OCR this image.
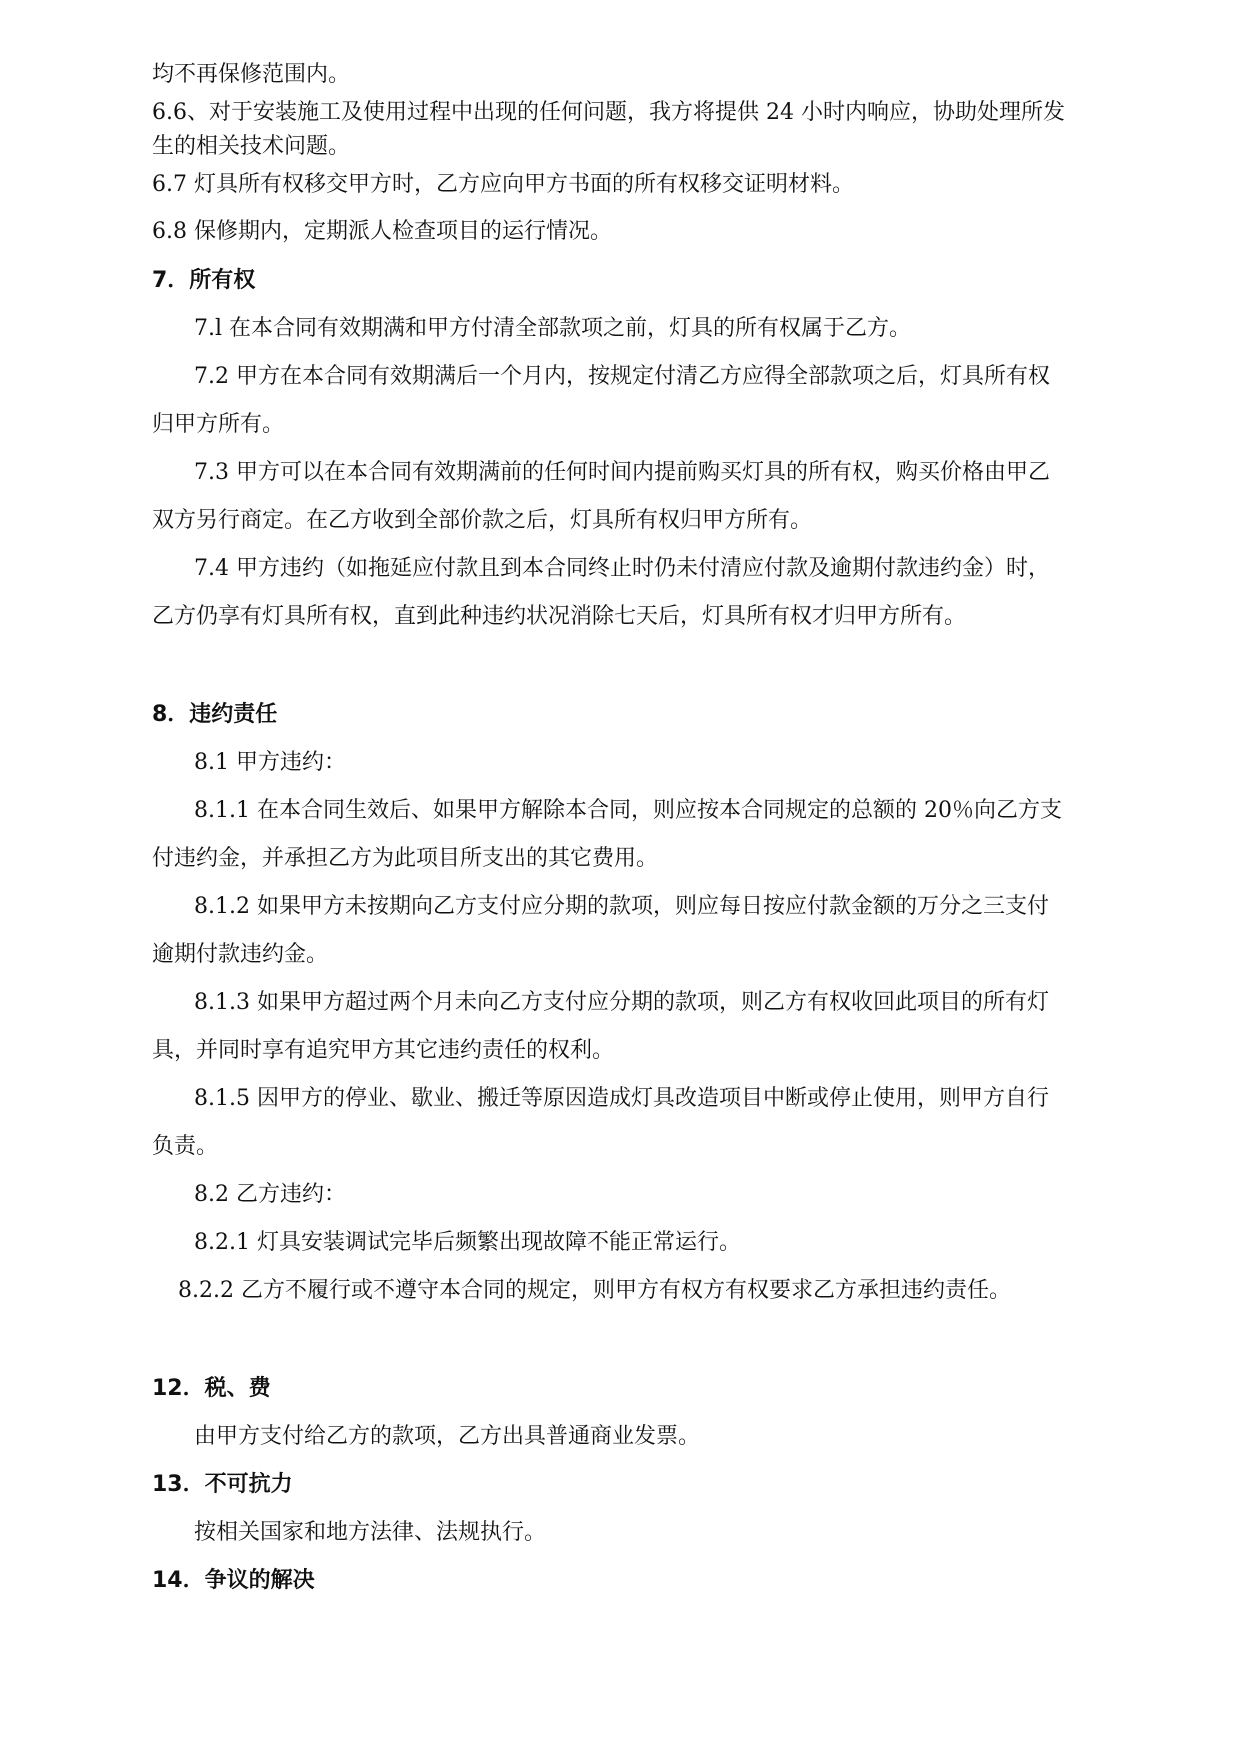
均不再保修范围内。
6.6、对于安装施工及使用过程中出现的任何问题，我方将提供 24 小时内响应，协助处理所发
生的相关技术问题。
6.7 灯具所有权移交甲方时，乙方应向甲方书面的所有权移交证明材料。
6.8 保修期内，定期派人检查项目的运行情况。
7．所有权
7.l 在本合同有效期满和甲方付清全部款项之前，灯具的所有权属于乙方。
7.2 甲方在本合同有效期满后一个月内，按规定付清乙方应得全部款项之后，灯具所有权
归甲方所有。
7.3 甲方可以在本合同有效期满前的任何时间内提前购买灯具的所有权，购买价格由甲乙
双方另行商定。在乙方收到全部价款之后，灯具所有权归甲方所有。
7.4 甲方违约（如拖延应付款且到本合同终止时仍未付清应付款及逾期付款违约金）时，
乙方仍享有灯具所有权，直到此种违约状况消除七天后，灯具所有权才归甲方所有。
8．违约责任
8.1 甲方违约：
8.1.1 在本合同生效后、如果甲方解除本合同，则应按本合同规定的总额的 20％向乙方支
付违约金，并承担乙方为此项目所支出的其它费用。
8.1.2 如果甲方未按期向乙方支付应分期的款项，则应每日按应付款金额的万分之三支付
逾期付款违约金。
8.1.3 如果甲方超过两个月未向乙方支付应分期的款项，则乙方有权收回此项目的所有灯
具，并同时享有追究甲方其它违约责任的权利。
8.1.5 因甲方的停业、歇业、搬迁等原因造成灯具改造项目中断或停止使用，则甲方自行
负责。
8.2 乙方违约：
8.2.1 灯具安装调试完毕后频繁出现故障不能正常运行。
8.2.2 乙方不履行或不遵守本合同的规定，则甲方有权方有权要求乙方承担违约责任。
12．税、费
由甲方支付给乙方的款项，乙方出具普通商业发票。
13．不可抗力
按相关国家和地方法律、法规执行。
14．争议的解决
